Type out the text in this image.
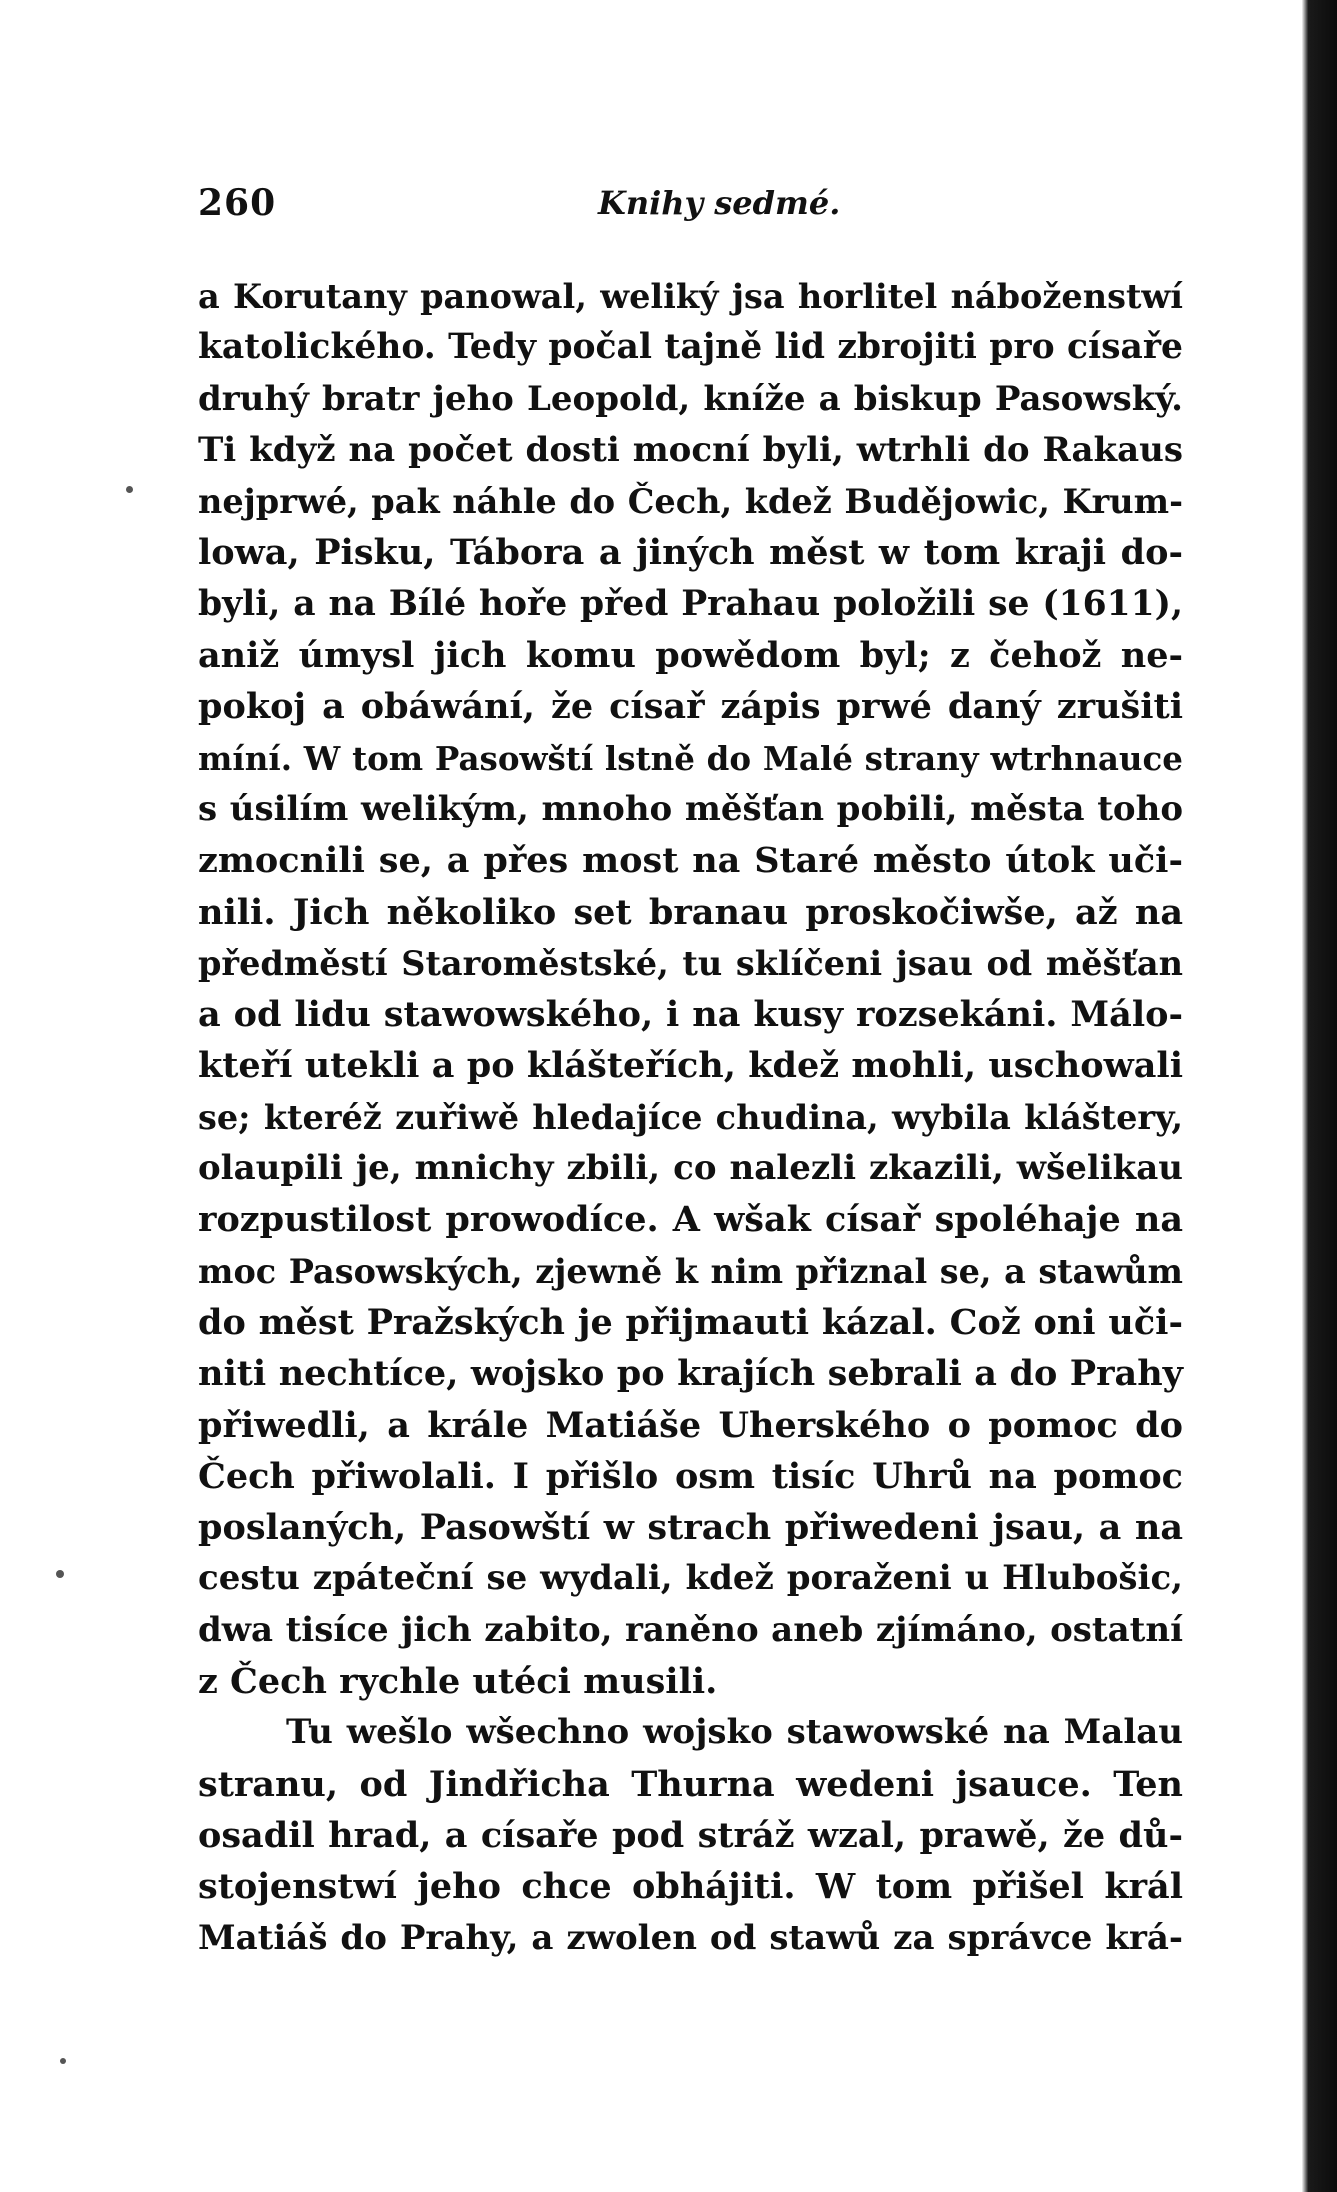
260	Knihy sedmé.
a Korutany panowal, weliký jsa horlitel náboženstwí
katolického. Tedy počal tajně lid zbrojiti pro císaře
druhý bratr jeho Leopold, kníže a biskup Pasowský.
Ti když na počet dosti mocní byli, wtrhli do Rakaus
nejprwé, pak náhle do Čech, kdež Budějowic, Krum-
lowa, Pisku, Tábora a jiných měst w tom kraji do-
byli, a na Bílé hoře před Prahau položili se (1611),
aniž úmysl jich komu powědom byl; z čehož ne-
pokoj a obáwání, že císař zápis prwé daný zrušiti
míní. W tom Pasowští lstně do Malé strany wtrhnauce
s úsilím welikým, mnoho měšťan pobili, města toho
zmocnili se, a přes most na Staré město útok uči-
nili. Jich několiko set branau proskočiwše, až na
předměstí Staroměstské, tu sklíčeni jsau od měšťan
a od lidu stawowského, i na kusy rozsekáni. Málo-
kteří utekli a po klášteřích, kdež mohli, uschowali
se; kteréž zuřiwě hledajíce chudina, wybila kláštery,
olaupili je, mnichy zbili, co nalezli zkazili, wšelikau
rozpustilost prowodíce. A wšak císař spoléhaje na
moc Pasowských, zjewně k nim přiznal se, a stawům
do měst Pražských je přijmauti kázal. Což oni uči-
niti nechtíce, wojsko po krajích sebrali a do Prahy
přiwedli, a krále Matiáše Uherského o pomoc do
Čech přiwolali. I přišlo osm tisíc Uhrů na pomoc
poslaných, Pasowští w strach přiwedeni jsau, a na
cestu zpáteční se wydali, kdež poraženi u Hlubošic,
dwa tisíce jich zabito, raněno aneb zjímáno, ostatní
z Čech rychle utéci musili.
Tu wešlo wšechno wojsko stawowské na Malau
stranu, od Jindřicha Thurna wedeni jsauce. Ten
osadil hrad, a císaře pod stráž wzal, prawě, že dů-
stojenstwí jeho chce obhájiti. W tom přišel král
Matiáš do Prahy, a zwolen od stawů za správce krá-
